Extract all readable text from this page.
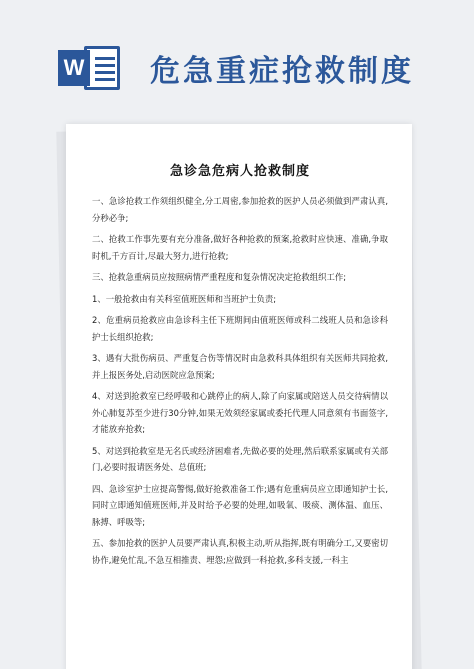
W 危急重症抢救制度
急诊急危病人抢救制度

一、急诊抢救工作须组织健全,分工周密,参加抢救的医护人员必须做到严肃认真,分秒必争;

二、抢救工作事先要有充分准备,做好各种抢救的预案,抢救时应快速、准确,争取时机,千方百计,尽最大努力,进行抢救;

三、抢救急重病员应按照病情严重程度和复杂情况决定抢救组织工作;

1、一般抢救由有关科室值班医师和当班护士负责;

2、危重病员抢救应由急诊科主任下班期间由值班医师或科二线班人员和急诊科护士长组织抢救;

3、遇有大批伤病员、严重复合伤等情况时由急救科具体组织有关医师共同抢救,并上报医务处,启动医院应急预案;

4、对送到抢救室已经呼吸和心跳停止的病人,除了向家属或陪送人员交待病情以外心肺复苏至少进行30分钟,如果无效须经家属或委托代理人同意须有书面签字,才能放弃抢救;

5、对送到抢救室是无名氏或经济困难者,先做必要的处理,然后联系家属或有关部门,必要时报请医务处、总值班;

四、急诊室护士应提高警惕,做好抢救准备工作;遇有危重病员应立即通知护士长,同时立即通知值班医师,并及时给予必要的处理,如吸氧、吸痰、测体温、血压、脉搏、呼吸等;

五、参加抢救的医护人员要严肃认真,积极主动,听从指挥,既有明确分工,又要密切协作,避免忙乱,不急互相推责、埋怨;应做到一科抢救,多科支援,一科主
